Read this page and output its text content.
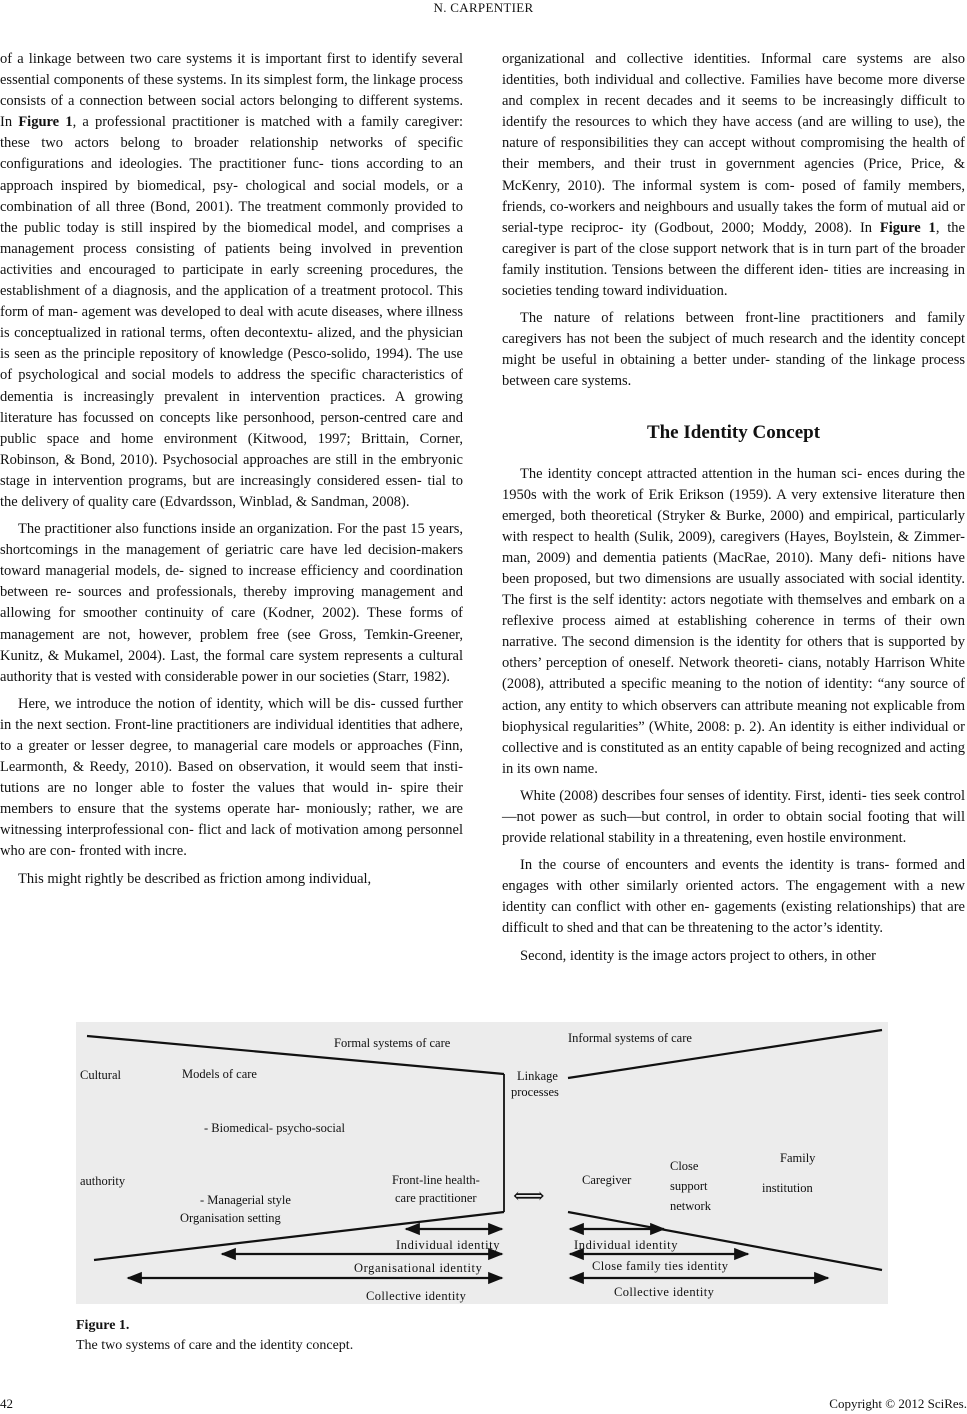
N. CARPENTIER

of a linkage between two care systems it is important first to identify several essential components of these systems. In its simplest form, the linkage process consists of a connection between social actors belonging to different systems. In Figure 1, a professional practitioner is matched with a family caregiver: these two actors belong to broader relationship networks of specific configurations and ideologies. The practitioner func- tions according to an approach inspired by biomedical, psy- chological and social models, or a combination of all three (Bond, 2001). The treatment commonly provided to the public today is still inspired by the biomedical model, and comprises a management process consisting of patients being involved in prevention activities and encouraged to participate in early screening procedures, the establishment of a diagnosis, and the application of a treatment protocol. This form of man- agement was developed to deal with acute diseases, where illness is conceptualized in rational terms, often decontextu- alized, and the physician is seen as the principle repository of knowledge (Pesco-solido, 1994). The use of psychological and social models to address the specific characteristics of dementia is increasingly prevalent in intervention practices. A growing literature has focussed on concepts like personhood, person-centred care and public space and home environment (Kitwood, 1997; Brittain, Corner, Robinson, & Bond, 2010). Psychosocial approaches are still in the embryonic stage in intervention programs, but are increasingly considered essen- tial to the delivery of quality care (Edvardsson, Winblad, & Sandman, 2008).

The practitioner also functions inside an organization. For the past 15 years, shortcomings in the management of geriatric care have led decision-makers toward managerial models, de- signed to increase efficiency and coordination between re- sources and professionals, thereby improving management and allowing for smoother continuity of care (Kodner, 2002). These forms of management are not, however, problem free (see Gross, Temkin-Greener, Kunitz, & Mukamel, 2004). Last, the formal care system represents a cultural authority that is vested with considerable power in our societies (Starr, 1982).

Here, we introduce the notion of identity, which will be dis- cussed further in the next section. Front-line practitioners are individual identities that adhere, to a greater or lesser degree, to managerial care models or approaches (Finn, Learmonth, & Reedy, 2010). Based on observation, it would seem that insti- tutions are no longer able to foster the values that would in- spire their members to ensure that the systems operate har- moniously; rather, we are witnessing interprofessional con- flict and lack of motivation among personnel who are con- fronted with incre.

This might rightly be described as friction among individual,

organizational and collective identities. Informal care systems are also identities, both individual and collective. Families have become more diverse and complex in recent decades and it seems to be increasingly difficult to identify the resources to which they have access (and are willing to use), the nature of responsibilities they can accept without compromising the health of their members, and their trust in government agencies (Price, Price, & McKenry, 2010). The informal system is com- posed of family members, friends, co-workers and neighbours and usually takes the form of mutual aid or serial-type reciproc- ity (Godbout, 2000; Moddy, 2008). In Figure 1, the caregiver is part of the close support network that is in turn part of the broader family institution. Tensions between the different iden- tities are increasing in societies tending toward individuation.

The nature of relations between front-line practitioners and family caregivers has not been the subject of much research and the identity concept might be useful in obtaining a better under- standing of the linkage process between care systems.

The Identity Concept

The identity concept attracted attention in the human sci- ences during the 1950s with the work of Erik Erikson (1959). A very extensive literature then emerged, both theoretical (Stryker & Burke, 2000) and empirical, particularly with respect to health (Sulik, 2009), caregivers (Hayes, Boylstein, & Zimmer- man, 2009) and dementia patients (MacRae, 2010). Many defi- nitions have been proposed, but two dimensions are usually associated with social identity. The first is the self identity: actors negotiate with themselves and embark on a reflexive process aimed at establishing coherence in terms of their own narrative. The second dimension is the identity for others that is supported by others’ perception of oneself. Network theoreti- cians, notably Harrison White (2008), attributed a specific meaning to the notion of identity: “any source of action, any entity to which observers can attribute meaning not explicable from biophysical regularities” (White, 2008: p. 2). An identity is either individual or collective and is constituted as an entity capable of being recognized and acting in its own name.

White (2008) describes four senses of identity. First, identi- ties seek control—not power as such—but control, in order to obtain social footing that will provide relational stability in a threatening, even hostile environment.

In the course of encounters and events the identity is trans- formed and engages with other similarly oriented actors. The engagement with a new identity can conflict with other en- gagements (existing relationships) that are difficult to shed and that can be threatening to the actor’s identity.

Second, identity is the image actors project to others, in other

Formal systems of care	Informal systems of care
Cultural
authority
Models of care
- Biomedical- psycho-social
- Managerial style
Organisation setting
Front-line health-
care practitioner
Linkage
processes
⟺
Caregiver
Close
support
network
Family
institution
Individual identity
Organisational identity
Collective identity
Individual identity
Close family ties identity
Collective identity
Figure 1.
The two systems of care and the identity concept.
42	Copyright © 2012 SciRes.
